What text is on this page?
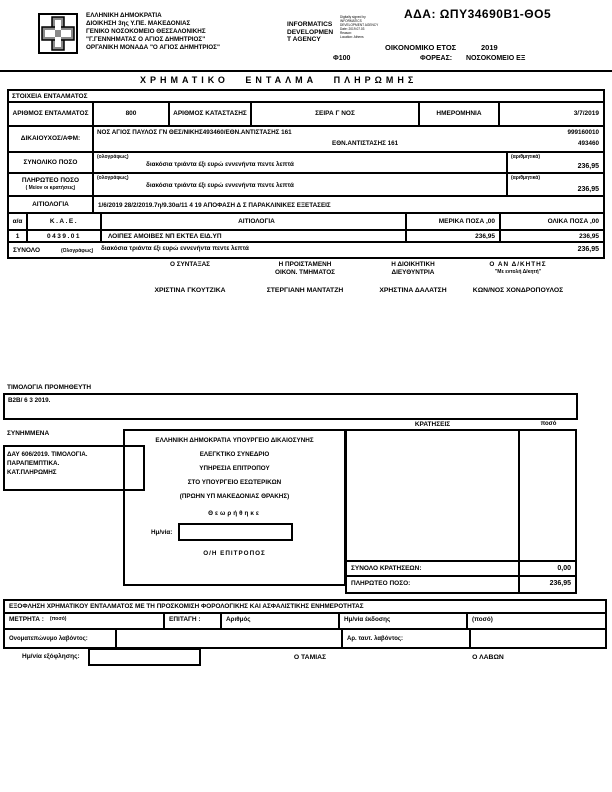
ΕΛΛΗΝΙΚΗ ΔΗΜΟΚΡΑΤΙΑ
ΔΙΟΙΚΗΣΗ 3ης Υ.ΠΕ. ΜΑΚΕΔΟΝΙΑΣ
ΓΕΝΙΚΟ ΝΟΣΟΚΟΜΕΙΟ ΘΕΣΣΑΛΟΝΙΚΗΣ
"Γ.ΓΕΝΝΗΜΑΤΑΣ Ο ΑΓΙΟΣ ΔΗΜΗΤΡΙΟΣ"
ΟΡΓΑΝΙΚΗ ΜΟΝΑΔΑ "Ο ΑΓΙΟΣ ΔΗΜΗΤΡΙΟΣ"
ΑΔΑ: ΩΠΥ34690Β1-ΘΟ5
INFORMATICS
DEVELOPMEN
T AGENCY
Digitally signed by
INFORMATICS
DEVELOPMENT AGENCY
Date: 2019.07.03
Reason:
Location: Athens
ΟΙΚΟΝΟΜΙΚΟ ΕΤΟΣ	2019
Φ100	ΦΟΡΕΑΣ: ΝΟΣΟΚΟΜΕΙΟ ΕΞ
ΧΡΗΜΑΤΙΚΟ ΕΝΤΑΛΜΑ ΠΛΗΡΩΜΗΣ
ΣΤΟΙΧΕΙΑ ΕΝΤΑΛΜΑΤΟΣ
ΑΡΙΘΜΟΣ ΕΝΤΑΛΜΑΤΟΣ	800	ΑΡΙΘΜΟΣ ΚΑΤΑΣΤΑΣΗΣ	ΣΕΙΡΑ Γ ΝΟΣ	ΗΜΕΡΟΜΗΝΙΑ	3/7/2019
ΔΙΚΑΙΟΥΧΟΣ/ΑΦΜ:
ΝΟΣ ΑΓΙΟΣ ΠΑΥΛΟΣ ΓΝ ΘΕΣ/ΝΙΚΗΣ493460/ΕΘΝ.ΑΝΤΙΣΤΑΣΗΣ 161	999160010
ΕΘΝ.ΑΝΤΙΣΤΑΣΗΣ 161	493460
ΣΥΝΟΛΙΚΟ ΠΟΣΟ
(ολογράφως)
διακόσια τριάντα έξι ευρώ εννενήντα πεντε λεπτά
(αριθμητικά)
236,95
ΠΛΗΡΩΤΕΟ ΠΟΣΟ
( Μείον οι κρατήσεις)
(ολογράφως)
διακόσια τριάντα έξι ευρώ εννενήντα πεντε λεπτά
(αριθμητικά)
236,95
ΑΙΤΙΟΛΟΓΙΑ	1/6/2019 28/2/2019.7η/9.30α/11 4 19 ΑΠΟΦΑΣΗ Δ Σ ΠΑΡΑΚΛΙΝΙΚΕΣ ΕΞΕΤΑΣΕΙΣ
α/α	Κ.Α.Ε.	ΑΙΤΙΟΛΟΓΙΑ	ΜΕΡΙΚΑ ΠΟΣΑ ,00	ΟΛΙΚΑ ΠΟΣΑ ,00
1	0439.01	ΛΟΙΠΕΣ ΑΜΟΙΒΕΣ ΝΠ ΕΚΤΕΛ ΕΙΔ.ΥΠ	236,95	236,95
ΣΥΝΟΛΟ	(Ολογράφως) διακόσια τριάντα έξι ευρώ εννενήντα πεντε λεπτά	236,95
Ο ΣΥΝΤΑΞΑΣ
ΧΡΙΣΤΙΝΑ ΓΚΟΥΤΖΙΚΑ
Η ΠΡΟΙΣΤΑΜΕΝΗ
ΟΙΚΟΝ. ΤΜΗΜΑΤΟΣ
ΣΤΕΡΓΙΑΝΗ ΜΑΝΤΑΤΖΗ
Η ΔΙΟΙΚΗΤΙΚΗ
ΔΙΕΥΘΥΝΤΡΙΑ
ΧΡΗΣΤΙΝΑ ΔΑΛΑΤΣΗ
Ο ΑΝ Δ/ΚΗΤΗΣ
"Με εντολή Δ/κητή"
ΚΩΝ/ΝΟΣ ΧΟΝΔΡΟΠΟΥΛΟΣ
ΤΙΜΟΛΟΓΙΑ ΠΡΟΜΗΘΕΥΤΗ
Β2Β/ 6 3 2019.
ΚΡΑΤΗΣΕΙΣ	ποσό
ΣΥΝΗΜΜΕΝΑ
ΔΑΥ 606/2019. ΤΙΜΟΛΟΓΙΑ.
ΠΑΡΑΠΕΜΠΤΙΚΑ.
ΚΑΤ.ΠΛΗΡΩΜΗΣ
ΕΛΛΗΝΙΚΗ ΔΗΜΟΚΡΑΤΙΑ ΥΠΟΥΡΓΕΙΟ ΔΙΚΑΙΟΣΥΝΗΣ
ΕΛΕΓΚΤΙΚΟ ΣΥΝΕΔΡΙΟ
ΥΠΗΡΕΣΙΑ ΕΠΙΤΡΟΠΟΥ
ΣΤΟ ΥΠΟΥΡΓΕΙΟ ΕΣΩΤΕΡΙΚΩΝ
(ΠΡΩΗΝ ΥΠ ΜΑΚΕΔΟΝΙΑΣ ΘΡΑΚΗΣ)
Θεωρήθηκε
Ημ/νία:
Ο/Η ΕΠΙΤΡΟΠΟΣ
ΣΥΝΟΛΟ ΚΡΑΤΗΣΕΩΝ:	0,00
ΠΛΗΡΩΤΕΟ ΠΟΣΟ:	236,95
ΕΞΟΦΛΗΣΗ ΧΡΗΜΑΤΙΚΟΥ ΕΝΤΑΛΜΑΤΟΣ ΜΕ ΤΗ ΠΡΟΣΚΟΜΙΣΗ ΦΟΡΟΛΟΓΙΚΗΣ ΚΑΙ ΑΣΦΑΛΙΣΤΙΚΗΣ ΕΝΗΜΕΡΟΤΗΤΑΣ
ΜΕΤΡΗΤΑ : (ποσό)	ΕΠΙΤΑΓΗ :	Αριθμός	Ημ/νία έκδοσης	(ποσό)
Ονοματεπώνυμο λαβόντος:	Αρ. ταυτ. λαβόντος:
Ημ/νία εξόφλησης:	Ο ΤΑΜΙΑΣ	Ο ΛΑΒΩΝ
